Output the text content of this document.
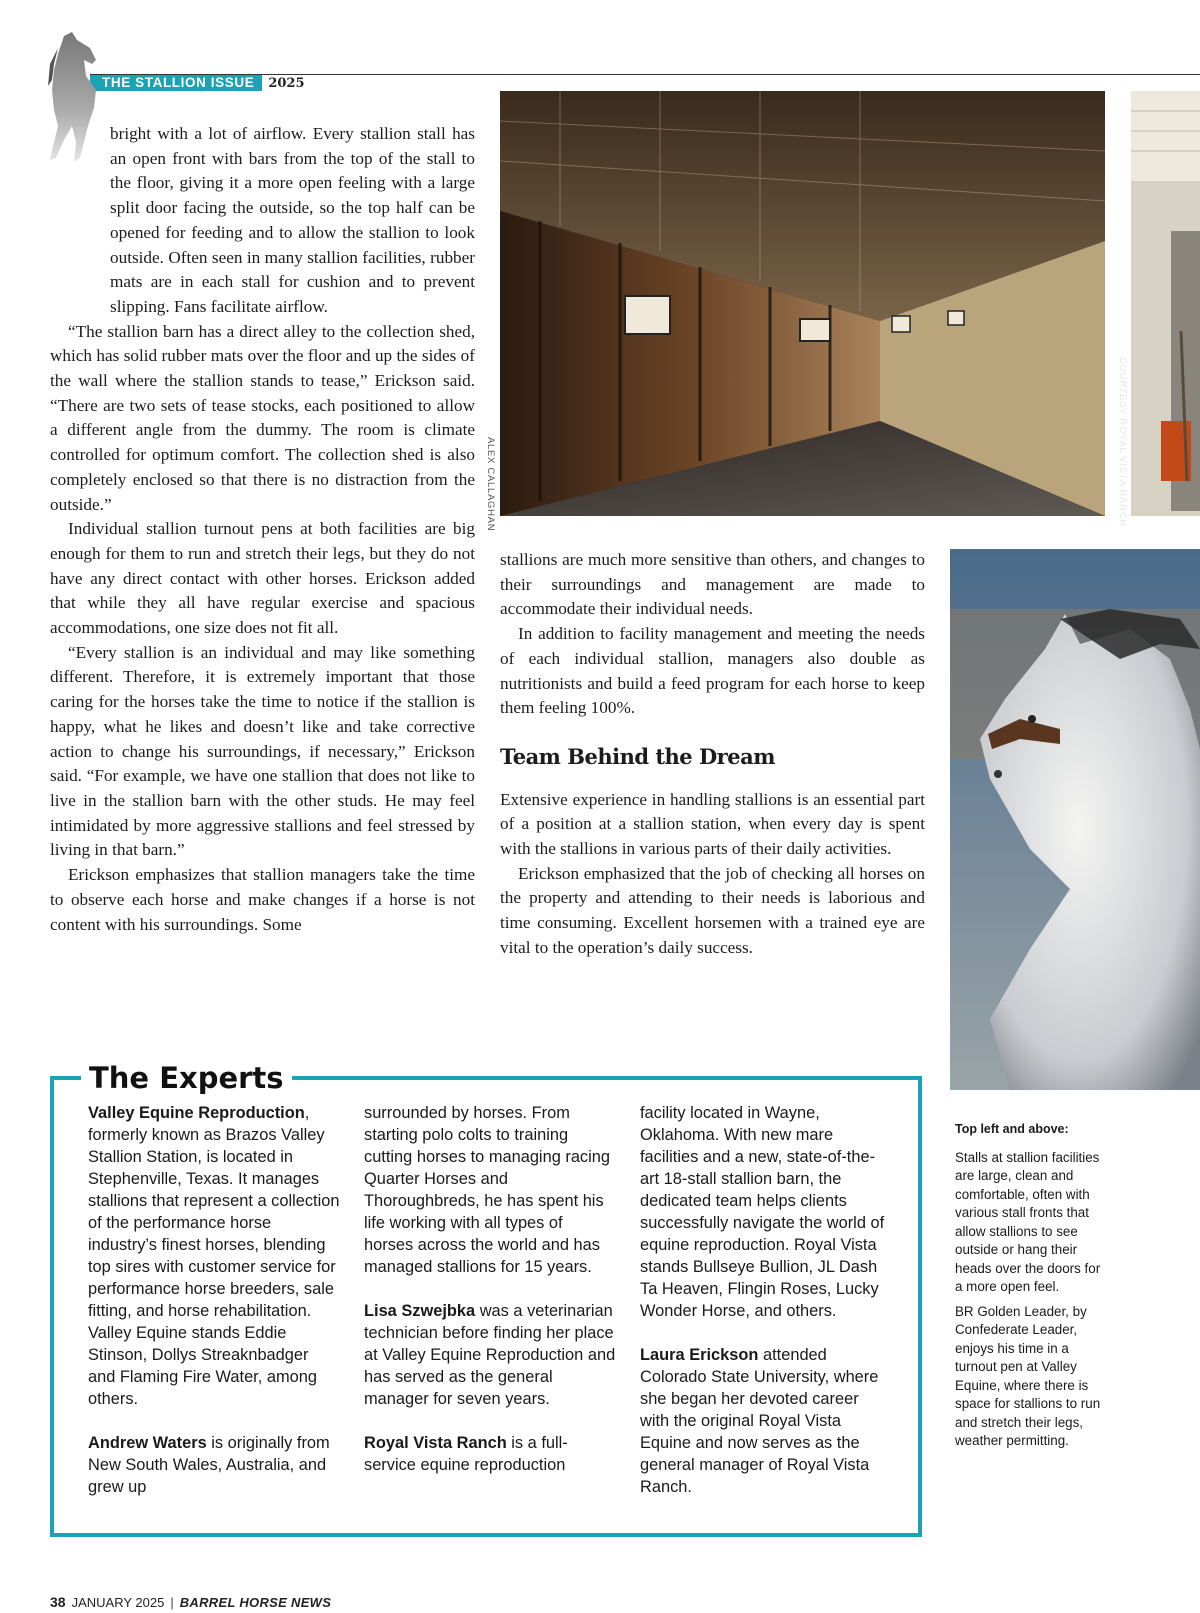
THE STALLION ISSUE	2025

bright with a lot of airflow. Every stallion stall has an open front with bars from the top of the stall to the floor, giving it a more open feeling with a large split door facing the outside, so the top half can be opened for feeding and to allow the stallion to look outside. Often seen in many stallion facilities, rubber mats are in each stall for cushion and to prevent slipping. Fans facilitate airflow.

“The stallion barn has a direct alley to the collection shed, which has solid rubber mats over the floor and up the sides of the wall where the stallion stands to tease,” Erickson said. “There are two sets of tease stocks, each positioned to allow a different angle from the dummy. The room is climate controlled for optimum comfort. The collection shed is also completely enclosed so that there is no distraction from the outside.”

Individual stallion turnout pens at both facilities are big enough for them to run and stretch their legs, but they do not have any direct contact with other horses. Erickson added that while they all have regular exercise and spacious accommodations, one size does not fit all.

“Every stallion is an individual and may like something different. Therefore, it is extremely important that those caring for the horses take the time to notice if the stallion is happy, what he likes and doesn’t like and take corrective action to change his surroundings, if necessary,” Erickson said. “For example, we have one stallion that does not like to live in the stallion barn with the other studs. He may feel intimidated by more aggressive stallions and feel stressed by living in that barn.”

Erickson emphasizes that stallion managers take the time to observe each horse and make changes if a horse is not content with his surroundings. Some

ALEX CALLAGHAN	COURTESY ROYAL VISTA RANCH

stallions are much more sensitive than others, and changes to their surroundings and management are made to accommodate their individual needs.

In addition to facility management and meeting the needs of each individual stallion, managers also double as nutritionists and build a feed program for each horse to keep them feeling 100%.

Team Behind the Dream

Extensive experience in handling stallions is an essential part of a position at a stallion station, when every day is spent with the stallions in various parts of their daily activities.

Erickson emphasized that the job of checking all horses on the property and attending to their needs is laborious and time consuming. Excellent horsemen with a trained eye are vital to the operation’s daily success.

The Experts

Valley Equine Reproduction, formerly known as Brazos Valley Stallion Station, is located in Stephenville, Texas. It manages stallions that represent a collection of the performance horse industry’s finest horses, blending top sires with customer service for performance horse breeders, sale fitting, and horse rehabilitation. Valley Equine stands Eddie Stinson, Dollys Streaknbadger and Flaming Fire Water, among others.

Andrew Waters is originally from New South Wales, Australia, and grew up

surrounded by horses. From starting polo colts to training cutting horses to managing racing Quarter Horses and Thoroughbreds, he has spent his life working with all types of horses across the world and has managed stallions for 15 years.

Lisa Szwejbka was a veterinarian technician before finding her place at Valley Equine Reproduction and has served as the general manager for seven years.

Royal Vista Ranch is a full-service equine reproduction

facility located in Wayne, Oklahoma. With new mare facilities and a new, state-of-the-art 18-stall stallion barn, the dedicated team helps clients successfully navigate the world of equine reproduction. Royal Vista stands Bullseye Bullion, JL Dash Ta Heaven, Flingin Roses, Lucky Wonder Horse, and others.

Laura Erickson attended Colorado State University, where she began her devoted career with the original Royal Vista Equine and now serves as the general manager of Royal Vista Ranch.

Top left and above:

Stalls at stallion facilities are large, clean and comfortable, often with various stall fronts that allow stallions to see outside or hang their heads over the doors for a more open feel.

BR Golden Leader, by Confederate Leader, enjoys his time in a turnout pen at Valley Equine, where there is space for stallions to run and stretch their legs, weather permitting.

38 JANUARY 2025 | BARREL HORSE NEWS
